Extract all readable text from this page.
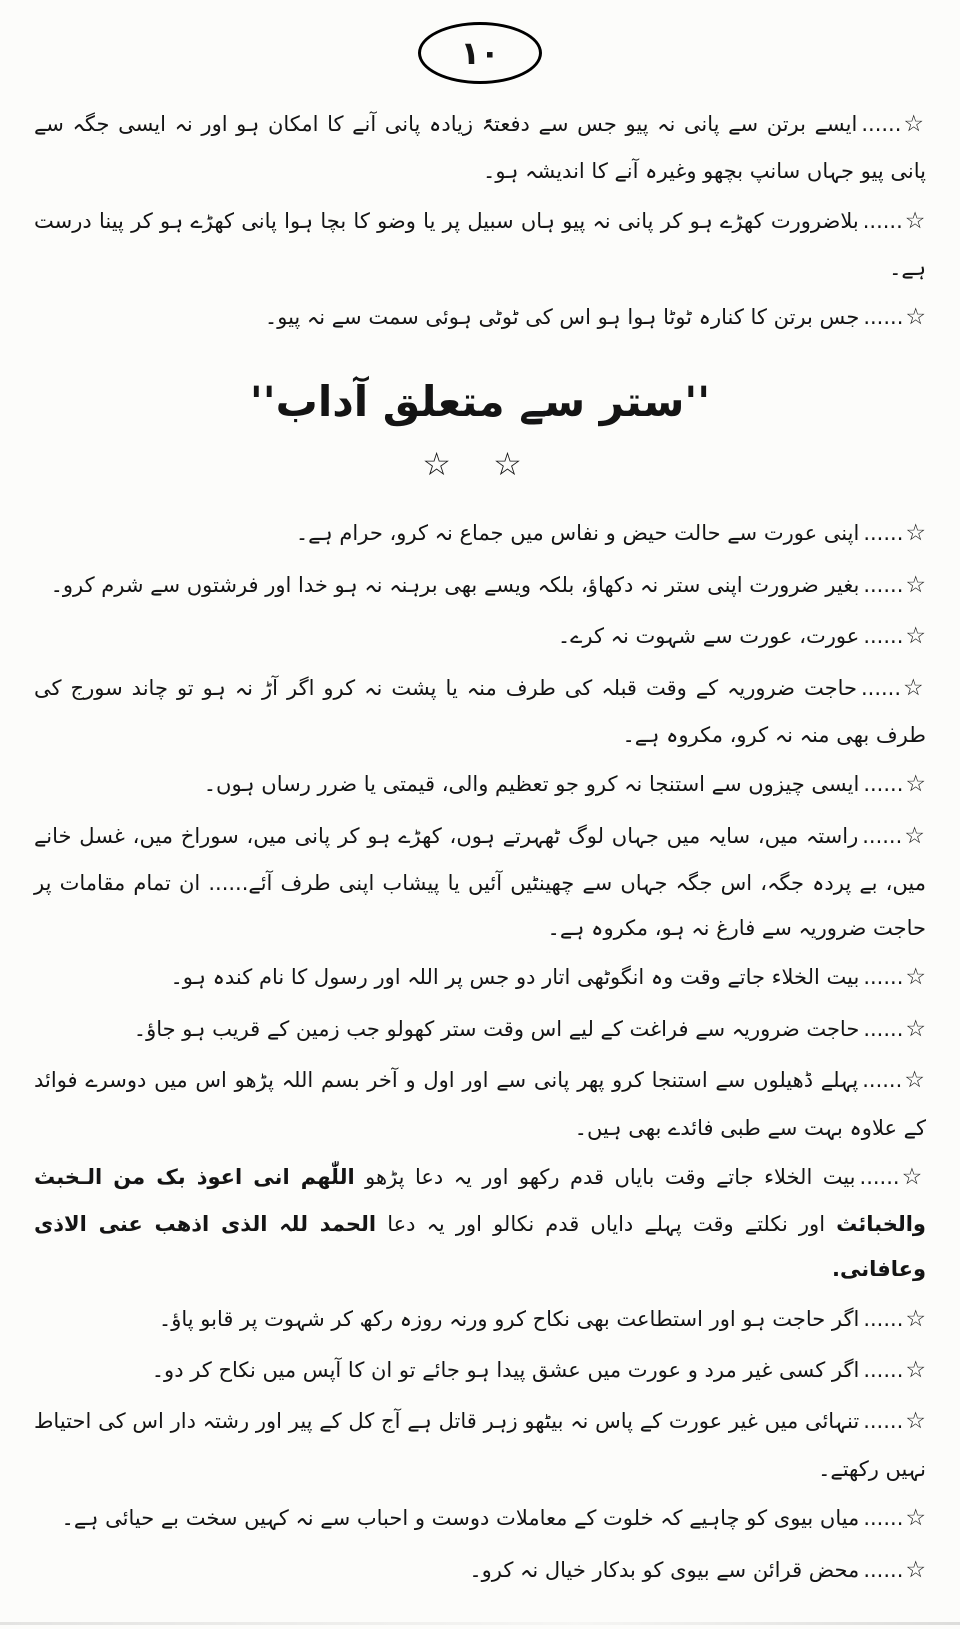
۱۰
☆......ایسے برتن سے پانی نہ پیو جس سے دفعتۃً زیادہ پانی آنے کا امکان ہو اور نہ ایسی جگہ سے پانی پیو جہاں سانپ بچھو وغیرہ آنے کا اندیشہ ہو۔
☆......بلاضرورت کھڑے ہو کر پانی نہ پیو ہاں سبیل پر یا وضو کا بچا ہوا پانی کھڑے ہو کر پینا درست ہے۔
☆......جس برتن کا کنارہ ٹوٹا ہوا ہو اس کی ٹوٹی ہوئی سمت سے نہ پیو۔
''ستر سے متعلق آداب''
☆ ☆
☆......اپنی عورت سے حالت حیض و نفاس میں جماع نہ کرو، حرام ہے۔
☆......بغیر ضرورت اپنی ستر نہ دکھاؤ، بلکہ ویسے بھی برہنہ نہ ہو خدا اور فرشتوں سے شرم کرو۔
☆......عورت، عورت سے شہوت نہ کرے۔
☆......حاجت ضروریہ کے وقت قبلہ کی طرف منہ یا پشت نہ کرو اگر آڑ نہ ہو تو چاند سورج کی طرف بھی منہ نہ کرو، مکروہ ہے۔
☆......ایسی چیزوں سے استنجا نہ کرو جو تعظیم والی، قیمتی یا ضرر رساں ہوں۔
☆......راستہ میں، سایہ میں جہاں لوگ ٹھہرتے ہوں، کھڑے ہو کر پانی میں، سوراخ میں، غسل خانے میں، بے پردہ جگہ، اس جگہ جہاں سے چھینٹیں آئیں یا پیشاب اپنی طرف آئے...... ان تمام مقامات پر حاجت ضروریہ سے فارغ نہ ہو، مکروہ ہے۔
☆......بیت الخلاء جاتے وقت وہ انگوٹھی اتار دو جس پر اللہ اور رسول کا نام کندہ ہو۔
☆......حاجت ضروریہ سے فراغت کے لیے اس وقت ستر کھولو جب زمین کے قریب ہو جاؤ۔
☆......پہلے ڈھیلوں سے استنجا کرو پھر پانی سے اور اول و آخر بسم اللہ پڑھو اس میں دوسرے فوائد کے علاوہ بہت سے طبی فائدے بھی ہیں۔
☆......بیت الخلاء جاتے وقت بایاں قدم رکھو اور یہ دعا پڑھو اللّٰهم انی اعوذ بک من الـخبث والخبائث اور نکلتے وقت پہلے دایاں قدم نکالو اور یہ دعا الحمد للہ الذی اذهب عنی الاذی وعافانی.
☆......اگر حاجت ہو اور استطاعت بھی نکاح کرو ورنہ روزہ رکھ کر شہوت پر قابو پاؤ۔
☆......اگر کسی غیر مرد و عورت میں عشق پیدا ہو جائے تو ان کا آپس میں نکاح کر دو۔
☆......تنہائی میں غیر عورت کے پاس نہ بیٹھو زہر قاتل ہے آج کل کے پیر اور رشتہ دار اس کی احتیاط نہیں رکھتے۔
☆......میاں بیوی کو چاہیے کہ خلوت کے معاملات دوست و احباب سے نہ کہیں سخت بے حیائی ہے۔
☆......محض قرائن سے بیوی کو بدکار خیال نہ کرو۔
